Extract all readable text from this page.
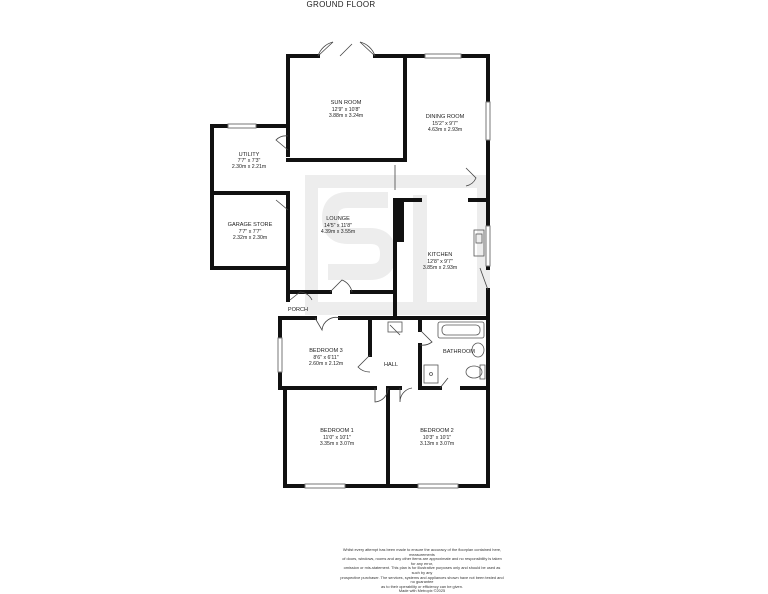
GROUND FLOOR
SUN ROOM
12'9" x 10'8"
3.88m x 3.24m	DINING ROOM
15'2" x 9'7"
4.63m x 2.93m
UTILITY
7'7" x 7'3"
2.30m x 2.21m
GARAGE STORE
7'7" x 7'7"
2.32m x 2.30m
LOUNGE
14'5" x 11'8"
4.39m x 3.55m
KITCHEN
12'8" x 9'7"
3.85m x 2.93m
PORCH
BEDROOM 3
8'6" x 6'11"
2.60m x 2.12m	HALL
BATHROOM
BEDROOM 1
11'0" x 10'1"
3.35m x 3.07m
BEDROOM 2
10'3" x 10'1"
3.13m x 3.07m
Whilst every attempt has been made to ensure the accuracy of the floorplan contained here, measurements
of doors, windows, rooms and any other items are approximate and no responsibility is taken for any error,
omission or mis-statement. This plan is for illustrative purposes only and should be used as such by any
prospective purchaser. The services, systems and appliances shown have not been tested and no guarantee
as to their operability or efficiency can be given.
Made with Metropix ©2025
